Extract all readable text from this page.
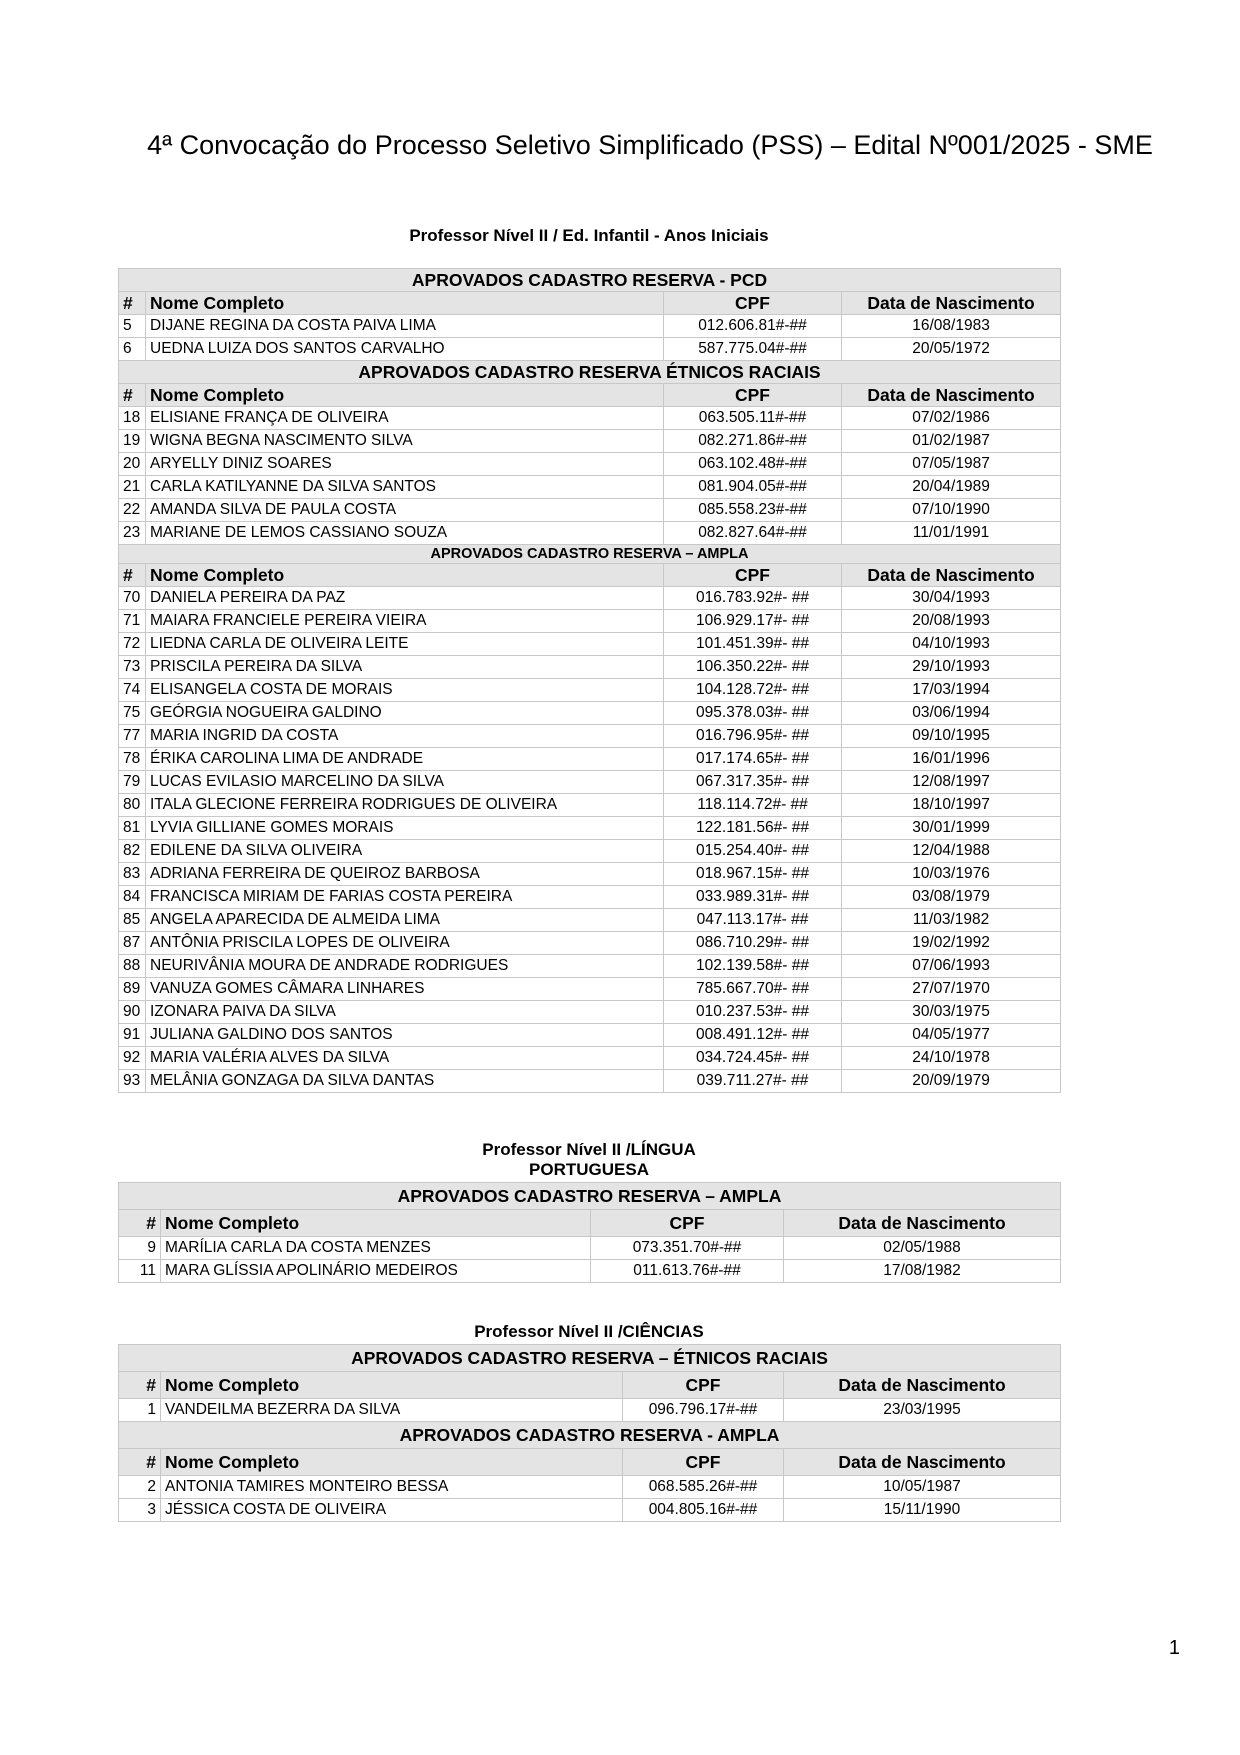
4ª Convocação do Processo Seletivo Simplificado (PSS) – Edital Nº001/2025 - SME
Professor Nível II / Ed. Infantil - Anos Iniciais
APROVADOS CADASTRO RESERVA - PCD			
#	Nome Completo	CPF	Data de Nascimento
5	DIJANE REGINA DA COSTA PAIVA LIMA	012.606.81#-##	16/08/1983
6	UEDNA LUIZA DOS SANTOS CARVALHO	587.775.04#-##	20/05/1972
APROVADOS CADASTRO RESERVA ÉTNICOS RACIAIS			
#	Nome Completo	CPF	Data de Nascimento
18	ELISIANE FRANÇA DE OLIVEIRA	063.505.11#-##	07/02/1986
19	WIGNA BEGNA NASCIMENTO SILVA	082.271.86#-##	01/02/1987
20	ARYELLY DINIZ SOARES	063.102.48#-##	07/05/1987
21	CARLA KATILYANNE DA SILVA SANTOS	081.904.05#-##	20/04/1989
22	AMANDA SILVA DE PAULA COSTA	085.558.23#-##	07/10/1990
23	MARIANE DE LEMOS CASSIANO SOUZA	082.827.64#-##	11/01/1991
APROVADOS CADASTRO RESERVA – AMPLA			
#	Nome Completo	CPF	Data de Nascimento
70	DANIELA PEREIRA DA PAZ	016.783.92#- ##	30/04/1993
71	MAIARA FRANCIELE PEREIRA VIEIRA	106.929.17#- ##	20/08/1993
72	LIEDNA CARLA DE OLIVEIRA LEITE	101.451.39#- ##	04/10/1993
73	PRISCILA PEREIRA DA SILVA	106.350.22#- ##	29/10/1993
74	ELISANGELA COSTA DE MORAIS	104.128.72#- ##	17/03/1994
75	GEÓRGIA NOGUEIRA GALDINO	095.378.03#- ##	03/06/1994
77	MARIA INGRID DA COSTA	016.796.95#- ##	09/10/1995
78	ÉRIKA CAROLINA LIMA DE ANDRADE	017.174.65#- ##	16/01/1996
79	LUCAS EVILASIO MARCELINO DA SILVA	067.317.35#- ##	12/08/1997
80	ITALA GLECIONE FERREIRA RODRIGUES DE OLIVEIRA	118.114.72#- ##	18/10/1997
81	LYVIA GILLIANE GOMES MORAIS	122.181.56#- ##	30/01/1999
82	EDILENE DA SILVA OLIVEIRA	015.254.40#- ##	12/04/1988
83	ADRIANA FERREIRA DE QUEIROZ BARBOSA	018.967.15#- ##	10/03/1976
84	FRANCISCA MIRIAM DE FARIAS COSTA PEREIRA	033.989.31#- ##	03/08/1979
85	ANGELA APARECIDA DE ALMEIDA LIMA	047.113.17#- ##	11/03/1982
87	ANTÔNIA PRISCILA LOPES DE OLIVEIRA	086.710.29#- ##	19/02/1992
88	NEURIVÂNIA MOURA DE ANDRADE RODRIGUES	102.139.58#- ##	07/06/1993
89	VANUZA GOMES CÂMARA LINHARES	785.667.70#- ##	27/07/1970
90	IZONARA PAIVA DA SILVA	010.237.53#- ##	30/03/1975
91	JULIANA GALDINO DOS SANTOS	008.491.12#- ##	04/05/1977
92	MARIA VALÉRIA ALVES DA SILVA	034.724.45#- ##	24/10/1978
93	MELÂNIA GONZAGA DA SILVA DANTAS	039.711.27#- ##	20/09/1979
Professor Nível II /LÍNGUA
PORTUGUESA
APROVADOS CADASTRO RESERVA – AMPLA			
#	Nome Completo	CPF	Data de Nascimento
9	MARÍLIA CARLA DA COSTA MENZES	073.351.70#-##	02/05/1988
11	MARA GLÍSSIA APOLINÁRIO MEDEIROS	011.613.76#-##	17/08/1982
Professor Nível II /CIÊNCIAS
APROVADOS CADASTRO RESERVA – ÉTNICOS RACIAIS			
#	Nome Completo	CPF	Data de Nascimento
1	VANDEILMA BEZERRA DA SILVA	096.796.17#-##	23/03/1995
APROVADOS CADASTRO RESERVA - AMPLA			
#	Nome Completo	CPF	Data de Nascimento
2	ANTONIA TAMIRES MONTEIRO BESSA	068.585.26#-##	10/05/1987
3	JÉSSICA COSTA DE OLIVEIRA	004.805.16#-##	15/11/1990
1
